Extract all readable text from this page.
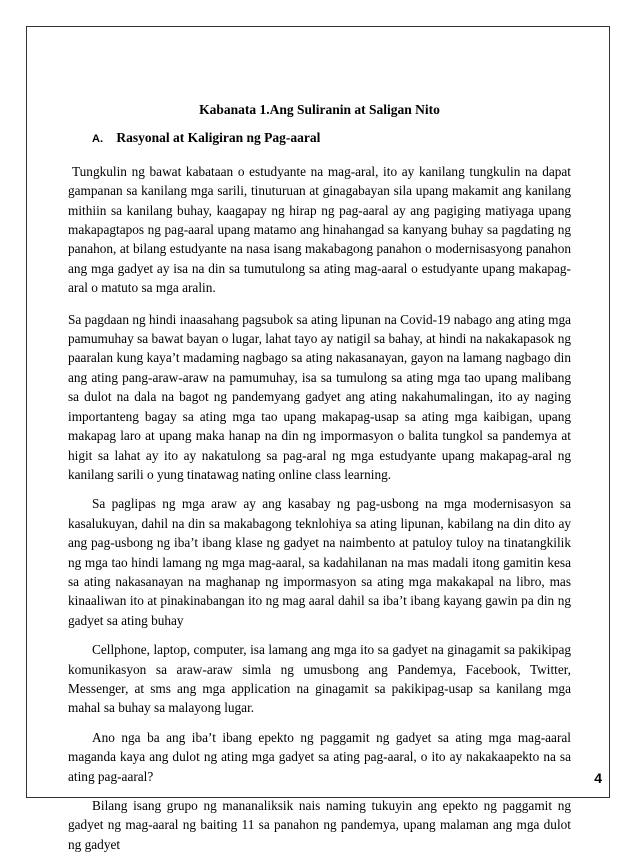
Kabanata 1.Ang Suliranin at Saligan Nito
A. Rasyonal at Kaligiran ng Pag-aaral

Tungkulin ng bawat kabataan o estudyante na mag-aral, ito ay kanilang tungkulin na dapat gampanan sa kanilang mga sarili, tinuturuan at ginagabayan sila upang makamit ang kanilang mithiin sa kanilang buhay, kaagapay ng hirap ng pag-aaral ay ang pagiging matiyaga upang makapagtapos ng pag-aaral upang matamo ang hinahangad sa kanyang buhay sa pagdating ng panahon, at bilang estudyante na nasa isang makabagong panahon o modernisasyong panahon ang mga gadyet ay isa na din sa tumutulong sa ating mag-aaral o estudyante upang makapag-aral o matuto sa mga aralin.

Sa pagdaan ng hindi inaasahang pagsubok sa ating lipunan na Covid-19 nabago ang ating mga pamumuhay sa bawat bayan o lugar, lahat tayo ay natigil sa bahay, at hindi na nakakapasok ng paaralan kung kaya’t madaming nagbago sa ating nakasanayan, gayon na lamang nagbago din ang ating pang-araw-araw na pamumuhay, isa sa tumulong sa ating mga tao upang malibang sa dulot na dala na bagot ng pandemyang gadyet ang ating nakahumalingan, ito ay naging importanteng bagay sa ating mga tao upang makapag-usap sa ating mga kaibigan, upang makapag laro at upang maka hanap na din ng impormasyon o balita tungkol sa pandemya at higit sa lahat ay ito ay nakatulong sa pag-aral ng mga estudyante upang makapag-aral ng kanilang sarili o yung tinatawag nating online class learning.

Sa paglipas ng mga araw ay ang kasabay ng pag-usbong na mga modernisasyon sa kasalukuyan, dahil na din sa makabagong teknlohiya sa ating lipunan, kabilang na din dito ay ang pag-usbong ng iba’t ibang klase ng gadyet na naimbento at patuloy tuloy na tinatangkilik ng mga tao hindi lamang ng mga mag-aaral, sa kadahilanan na mas madali itong gamitin kesa sa ating nakasanayan na maghanap ng impormasyon sa ating mga makakapal na libro, mas kinaaliwan ito at pinakinabangan ito ng mag aaral dahil sa iba’t ibang kayang gawin pa din ng gadyet sa ating buhay

Cellphone, laptop, computer, isa lamang ang mga ito sa gadyet na ginagamit sa pakikipag komunikasyon sa araw-araw simla ng umusbong ang Pandemya, Facebook, Twitter, Messenger, at sms ang mga application na ginagamit sa pakikipag-usap sa kanilang mga mahal sa buhay sa malayong lugar.

Ano nga ba ang iba’t ibang epekto ng paggamit ng gadyet sa ating mga mag-aaral maganda kaya ang dulot ng ating mga gadyet sa ating pag-aaral, o ito ay nakakaapekto na sa ating pag-aaral?

Bilang isang grupo ng mananaliksik nais naming tukuyin ang epekto ng paggamit ng gadyet ng mag-aaral ng baiting 11 sa panahon ng pandemya, upang malaman ang mga dulot ng gadyet

4
